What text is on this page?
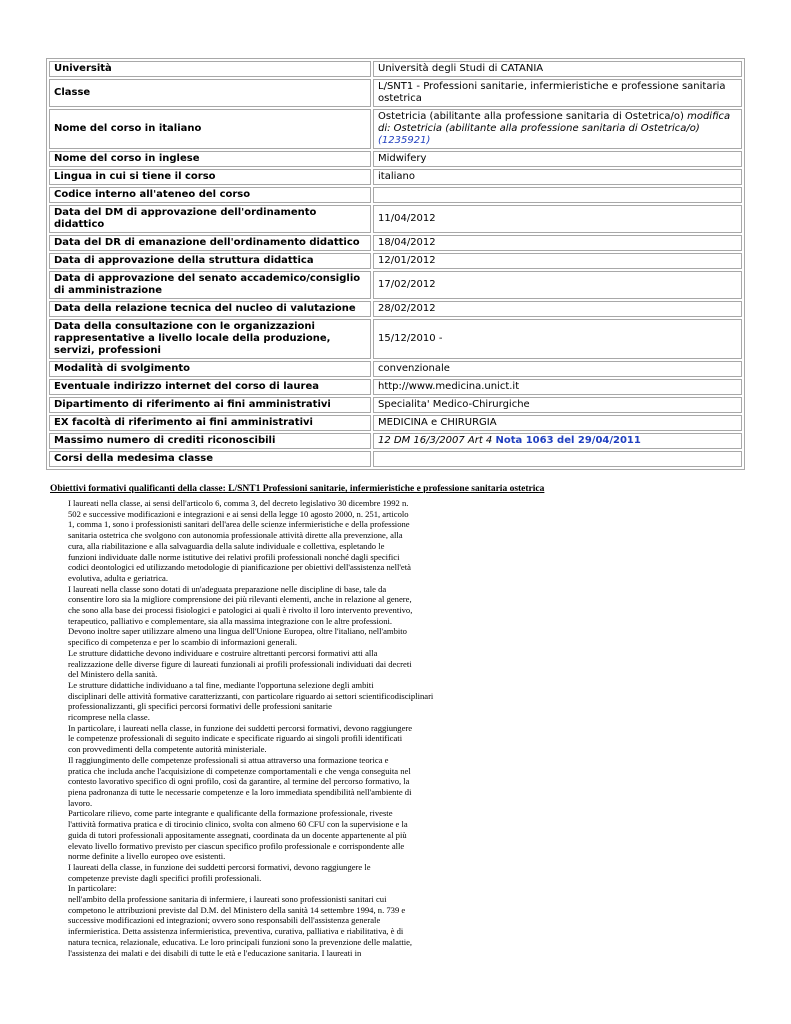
Università	Università degli Studi di CATANIA
Classe	L/SNT1 - Professioni sanitarie, infermieristiche e professione sanitaria ostetrica
Nome del corso in italiano	Ostetricia (abilitante alla professione sanitaria di Ostetrica/o) modifica di: Ostetricia (abilitante alla professione sanitaria di Ostetrica/o) (1235921)
Nome del corso in inglese	Midwifery
Lingua in cui si tiene il corso	italiano
Codice interno all'ateneo del corso	
Data del DM di approvazione dell'ordinamento didattico	11/04/2012
Data del DR di emanazione dell'ordinamento didattico	18/04/2012
Data di approvazione della struttura didattica	12/01/2012
Data di approvazione del senato accademico/consiglio di amministrazione	17/02/2012
Data della relazione tecnica del nucleo di valutazione	28/02/2012
Data della consultazione con le organizzazioni rappresentative a livello locale della produzione, servizi, professioni	15/12/2010 -
Modalità di svolgimento	convenzionale
Eventuale indirizzo internet del corso di laurea	http://www.medicina.unict.it
Dipartimento di riferimento ai fini amministrativi	Specialita' Medico-Chirurgiche
EX facoltà di riferimento ai fini amministrativi	MEDICINA e CHIRURGIA
Massimo numero di crediti riconoscibili	12 DM 16/3/2007 Art 4 Nota 1063 del 29/04/2011
Corsi della medesima classe	
Obiettivi formativi qualificanti della classe: L/SNT1 Professioni sanitarie, infermieristiche e professione sanitaria ostetrica
I laureati nella classe, ai sensi dell'articolo 6, comma 3, del decreto legislativo 30 dicembre 1992 n.
502 e successive modificazioni e integrazioni e ai sensi della legge 10 agosto 2000, n. 251, articolo
1, comma 1, sono i professionisti sanitari dell'area delle scienze infermieristiche e della professione
sanitaria ostetrica che svolgono con autonomia professionale attività dirette alla prevenzione, alla
cura, alla riabilitazione e alla salvaguardia della salute individuale e collettiva, espletando le
funzioni individuate dalle norme istitutive dei relativi profili professionali nonché dagli specifici
codici deontologici ed utilizzando metodologie di pianificazione per obiettivi dell'assistenza nell'età
evolutiva, adulta e geriatrica.
I laureati nella classe sono dotati di un'adeguata preparazione nelle discipline di base, tale da
consentire loro sia la migliore comprensione dei più rilevanti elementi, anche in relazione al genere,
che sono alla base dei processi fisiologici e patologici ai quali è rivolto il loro intervento preventivo,
terapeutico, palliativo e complementare, sia alla massima integrazione con le altre professioni.
Devono inoltre saper utilizzare almeno una lingua dell'Unione Europea, oltre l'italiano, nell'ambito
specifico di competenza e per lo scambio di informazioni generali.
Le strutture didattiche devono individuare e costruire altrettanti percorsi formativi atti alla
realizzazione delle diverse figure di laureati funzionali ai profili professionali individuati dai decreti
del Ministero della sanità.
Le strutture didattiche individuano a tal fine, mediante l'opportuna selezione degli ambiti
disciplinari delle attività formative caratterizzanti, con particolare riguardo ai settori scientificodisciplinari
professionalizzanti, gli specifici percorsi formativi delle professioni sanitarie
ricomprese nella classe.
In particolare, i laureati nella classe, in funzione dei suddetti percorsi formativi, devono raggiungere
le competenze professionali di seguito indicate e specificate riguardo ai singoli profili identificati
con provvedimenti della competente autorità ministeriale.
Il raggiungimento delle competenze professionali si attua attraverso una formazione teorica e
pratica che includa anche l'acquisizione di competenze comportamentali e che venga conseguita nel
contesto lavorativo specifico di ogni profilo, così da garantire, al termine del percorso formativo, la
piena padronanza di tutte le necessarie competenze e la loro immediata spendibilità nell'ambiente di
lavoro.
Particolare rilievo, come parte integrante e qualificante della formazione professionale, riveste
l'attività formativa pratica e di tirocinio clinico, svolta con almeno 60 CFU con la supervisione e la
guida di tutori professionali appositamente assegnati, coordinata da un docente appartenente al più
elevato livello formativo previsto per ciascun specifico profilo professionale e corrispondente alle
norme definite a livello europeo ove esistenti.
I laureati della classe, in funzione dei suddetti percorsi formativi, devono raggiungere le
competenze previste dagli specifici profili professionali.
In particolare:
nell'ambito della professione sanitaria di infermiere, i laureati sono professionisti sanitari cui
competono le attribuzioni previste dal D.M. del Ministero della sanità 14 settembre 1994, n. 739 e
successive modificazioni ed integrazioni; ovvero sono responsabili dell'assistenza generale
infermieristica. Detta assistenza infermieristica, preventiva, curativa, palliativa e riabilitativa, è di
natura tecnica, relazionale, educativa. Le loro principali funzioni sono la prevenzione delle malattie,
l'assistenza dei malati e dei disabili di tutte le età e l'educazione sanitaria. I laureati in
